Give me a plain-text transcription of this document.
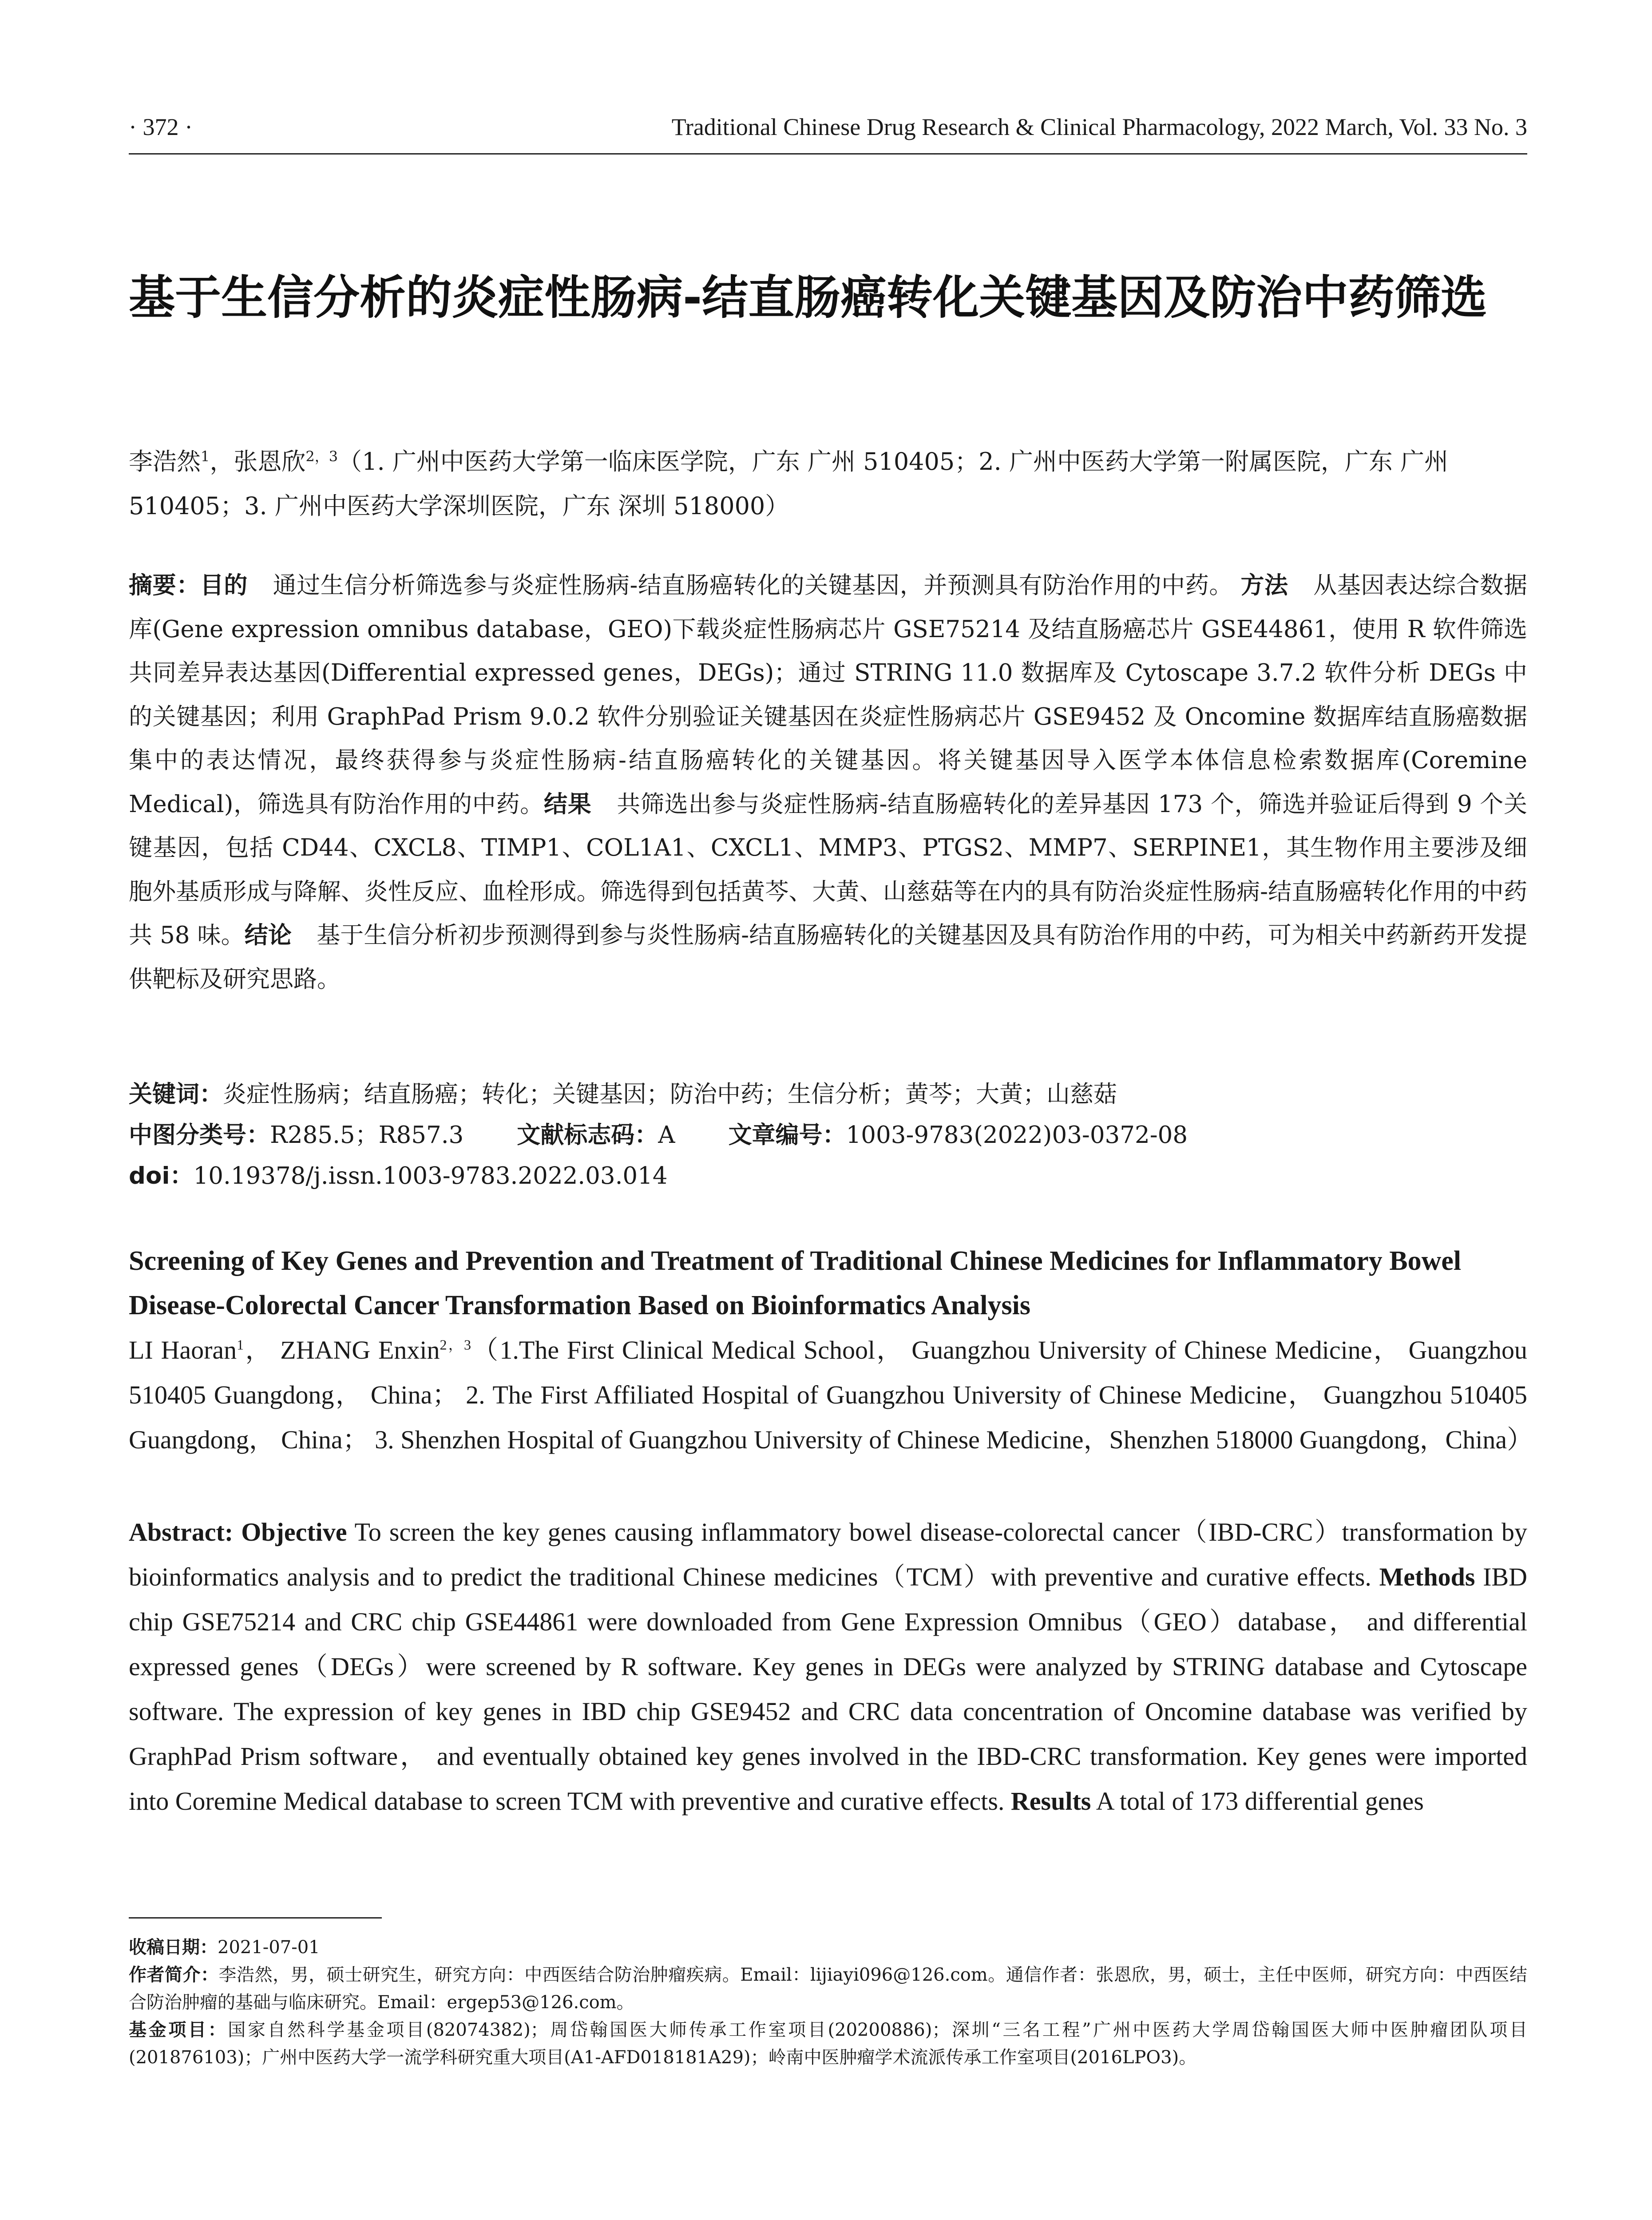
· 372 ·	Traditional Chinese Drug Research & Clinical Pharmacology, 2022 March, Vol. 33 No. 3
基于生信分析的炎症性肠病-结直肠癌转化关键基因及防治中药筛选
李浩然$^1$，张恩欣$^{2,3}$（1. 广州中医药大学第一临床医学院，广东 广州 510405；2. 广州中医药大学第一附属医院，广东 广州 510405；3. 广州中医药大学深圳医院，广东 深圳 518000）
摘要：目的 通过生信分析筛选参与炎症性肠病-结直肠癌转化的关键基因，并预测具有防治作用的中药。 方法 从基因表达综合数据库(Gene expression omnibus database，GEO)下载炎症性肠病芯片 GSE75214 及结直肠癌芯片 GSE44861，使用 R 软件筛选共同差异表达基因(Differential expressed genes，DEGs)；通过 STRING 11.0 数据库及 Cytoscape 3.7.2 软件分析 DEGs 中的关键基因；利用 GraphPad Prism 9.0.2 软件分别验证关键基因在炎症性肠病芯片 GSE9452 及 Oncomine 数据库结直肠癌数据集中的表达情况，最终获得参与炎症性肠病-结直肠癌转化的关键基因。将关键基因导入医学本体信息检索数据库(Coremine Medical)，筛选具有防治作用的中药。结果 共筛选出参与炎症性肠病-结直肠癌转化的差异基因 173 个，筛选并验证后得到 9 个关键基因，包括 CD44、CXCL8、TIMP1、COL1A1、CXCL1、MMP3、PTGS2、MMP7、SERPINE1，其生物作用主要涉及细胞外基质形成与降解、炎性反应、血栓形成。筛选得到包括黄芩、大黄、山慈菇等在内的具有防治炎症性肠病-结直肠癌转化作用的中药共 58 味。结论 基于生信分析初步预测得到参与炎性肠病-结直肠癌转化的关键基因及具有防治作用的中药，可为相关中药新药开发提供靶标及研究思路。
关键词：炎症性肠病；结直肠癌；转化；关键基因；防治中药；生信分析；黄芩；大黄；山慈菇
中图分类号：R285.5；R857.3 文献标志码：A 文章编号：1003-9783(2022)03-0372-08
doi：10.19378/j.issn.1003-9783.2022.03.014
Screening of Key Genes and Prevention and Treatment of Traditional Chinese Medicines for Inflammatory Bowel Disease-Colorectal Cancer Transformation Based on Bioinformatics Analysis
LI Haoran$^1$， ZHANG Enxin$^{2,3}$（1.The First Clinical Medical School， Guangzhou University of Chinese Medicine， Guangzhou 510405 Guangdong， China； 2. The First Affiliated Hospital of Guangzhou University of Chinese Medicine， Guangzhou 510405 Guangdong， China； 3. Shenzhen Hospital of Guangzhou University of Chinese Medicine，Shenzhen 518000 Guangdong，China）
Abstract: Objective To screen the key genes causing inflammatory bowel disease-colorectal cancer（IBD-CRC）transformation by bioinformatics analysis and to predict the traditional Chinese medicines（TCM）with preventive and curative effects. Methods IBD chip GSE75214 and CRC chip GSE44861 were downloaded from Gene Expression Omnibus（GEO）database， and differential expressed genes（DEGs）were screened by R software. Key genes in DEGs were analyzed by STRING database and Cytoscape software. The expression of key genes in IBD chip GSE9452 and CRC data concentration of Oncomine database was verified by GraphPad Prism software， and eventually obtained key genes involved in the IBD-CRC transformation. Key genes were imported into Coremine Medical database to screen TCM with preventive and curative effects. Results A total of 173 differential genes

收稿日期：2021-07-01

作者简介：李浩然，男，硕士研究生，研究方向：中西医结合防治肿瘤疾病。Email：lijiayi096@126.com。通信作者：张恩欣，男，硕士，主任中医师，研究方向：中西医结合防治肿瘤的基础与临床研究。Email：ergep53@126.com。

基金项目：国家自然科学基金项目(82074382)；周岱翰国医大师传承工作室项目(20200886)；深圳“三名工程”广州中医药大学周岱翰国医大师中医肿瘤团队项目(201876103)；广州中医药大学一流学科研究重大项目(A1-AFD018181A29)；岭南中医肿瘤学术流派传承工作室项目(2016LPO3)。
